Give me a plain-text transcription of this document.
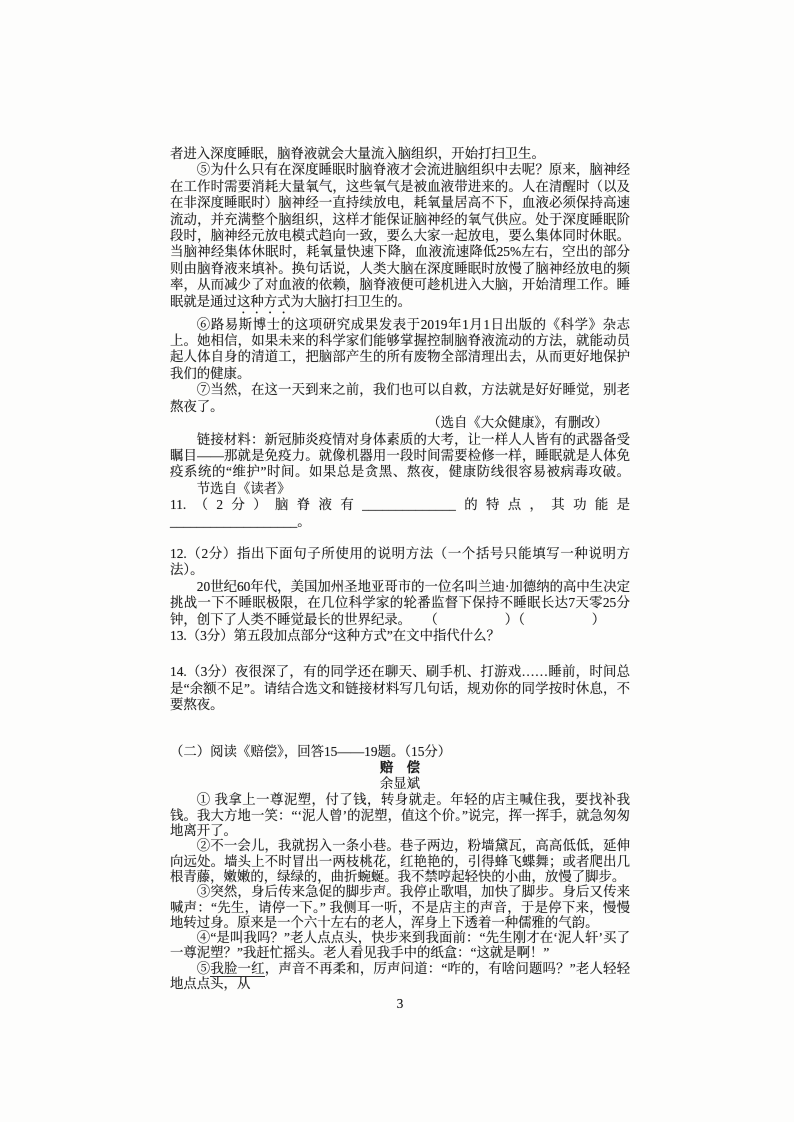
者进入深度睡眠，脑脊液就会大量流入脑组织，开始打扫卫生。

⑤为什么只有在深度睡眠时脑脊液才会流进脑组织中去呢？原来，脑神经在工作时需要消耗大量氧气，这些氧气是被血液带进来的。人在清醒时（以及在非深度睡眠时）脑神经一直持续放电，耗氧量居高不下，血液必须保持高速流动，并充满整个脑组织，这样才能保证脑神经的氧气供应。处于深度睡眠阶段时，脑神经元放电模式趋向一致，要么大家一起放电，要么集体同时休眠。当脑神经集体休眠时，耗氧量快速下降，血液流速降低25%左右，空出的部分则由脑脊液来填补。换句话说，人类大脑在深度睡眠时放慢了脑神经放电的频率，从而减少了对血液的依赖，脑脊液便可趁机进入大脑，开始清理工作。睡眠就是通过这种方式为大脑打扫卫生的。

⑥路易斯博士的这项研究成果发表于2019年1月1日出版的《科学》杂志上。她相信，如果未来的科学家们能够掌握控制脑脊液流动的方法，就能动员起人体自身的清道工，把脑部产生的所有废物全部清理出去，从而更好地保护我们的健康。

⑦当然，在这一天到来之前，我们也可以自救，方法就是好好睡觉，别老熬夜了。

（选自《大众健康》，有删改）

链接材料：新冠肺炎疫情对身体素质的大考，让一样人人皆有的武器备受瞩目——那就是免疫力。就像机器用一段时间需要检修一样，睡眠就是人体免疫系统的“维护”时间。如果总是贪黑、熬夜，健康防线很容易被病毒攻破。节选自《读者》

11.（2分）脑脊液有______________的特点，其功能是 ___________________。

12.（2分）指出下面句子所使用的说明方法（一个括号只能填写一种说明方法）。

20世纪60年代，美国加州圣地亚哥市的一位名叫兰迪·加德纳的高中生决定挑战一下不睡眠极限，在几位科学家的轮番监督下保持不睡眠长达7天零25分钟，创下了人类不睡觉最长的世界纪录。　　（　　　　　）（　　　　　）

13.（3分）第五段加点部分“这种方式”在文中指代什么？

14.（3分）夜很深了，有的同学还在聊天、刷手机、打游戏……睡前，时间总是“余额不足”。请结合选文和链接材料写几句话，规劝你的同学按时休息，不要熬夜。

（二）阅读《赔偿》，回答15——19题。（15分）

赔　偿

余显斌

① 我拿上一尊泥塑，付了钱，转身就走。年轻的店主喊住我，要找补我钱。我大方地一笑：“‘泥人曾’的泥塑，值这个价。”说完，挥一挥手，就急匆匆地离开了。

②不一会儿，我就拐入一条小巷。巷子两边，粉墙黛瓦，高高低低，延伸向远处。墙头上不时冒出一两枝桃花，红艳艳的，引得蜂飞蝶舞；或者爬出几根青藤，嫩嫩的，绿绿的，曲折蜿蜒。我不禁哼起轻快的小曲，放慢了脚步。

③突然，身后传来急促的脚步声。我停止歌唱，加快了脚步。身后又传来喊声：“先生，请停一下。” 我侧耳一听，不是店主的声音，于是停下来，慢慢地转过身。原来是一个六十左右的老人，浑身上下透着一种儒雅的气韵。

④“是叫我吗？”老人点点头，快步来到我面前：“先生刚才在‘泥人轩’买了一尊泥塑？”我赶忙摇头。老人看见我手中的纸盒：“这就是啊！”

⑤我脸一红，声音不再柔和，厉声问道：“咋的，有啥问题吗？”老人轻轻地点点头，从

3
